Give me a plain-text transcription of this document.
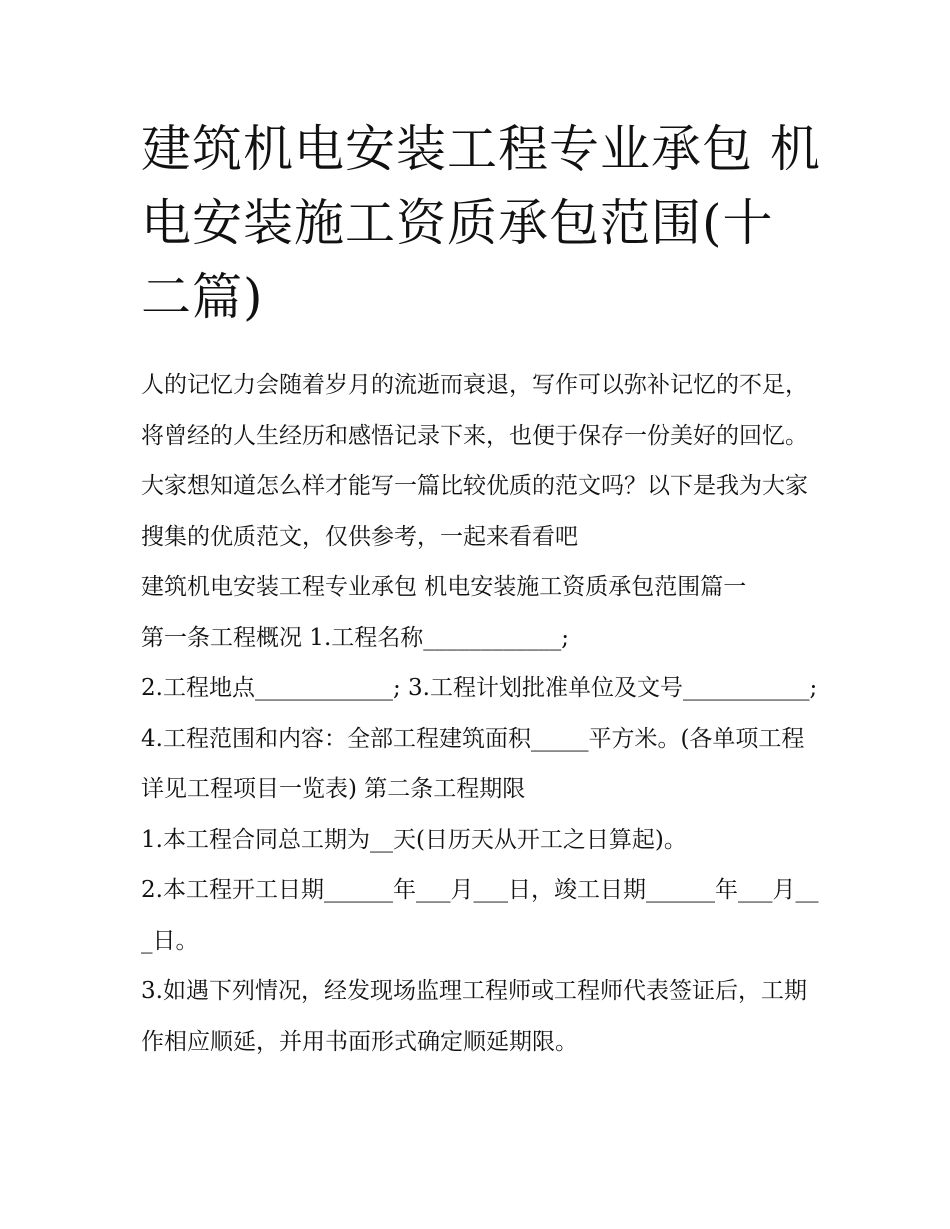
建筑机电安装工程专业承包 机电安装施工资质承包范围(十二篇)

人的记忆力会随着岁月的流逝而衰退，写作可以弥补记忆的不足，将曾经的人生经历和感悟记录下来，也便于保存一份美好的回忆。大家想知道怎么样才能写一篇比较优质的范文吗？以下是我为大家搜集的优质范文，仅供参考，一起来看看吧

建筑机电安装工程专业承包 机电安装施工资质承包范围篇一

第一条工程概况 1.工程名称____________;

2.工程地点____________; 3.工程计划批准单位及文号___________;

4.工程范围和内容：全部工程建筑面积_____平方米。(各单项工程详见工程项目一览表) 第二条工程期限

1.本工程合同总工期为__天(日历天从开工之日算起)。

2.本工程开工日期______年___月___日，竣工日期______年___月___日。

3.如遇下列情况，经发现场监理工程师或工程师代表签证后，工期作相应顺延，并用书面形式确定顺延期限。
